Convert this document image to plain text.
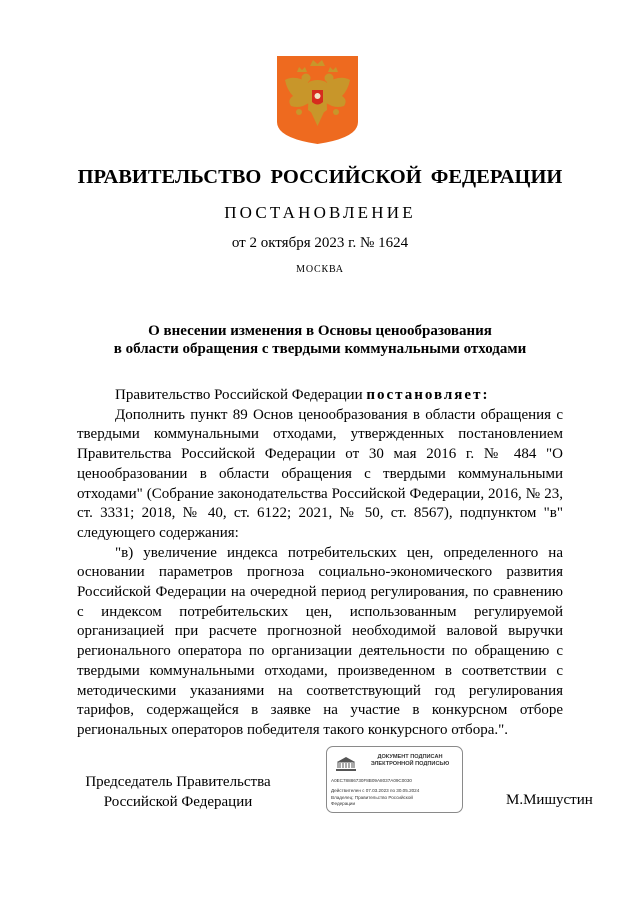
ПРАВИТЕЛЬСТВО РОССИЙСКОЙ ФЕДЕРАЦИИ
ПОСТАНОВЛЕНИЕ
от 2 октября 2023 г. № 1624
МОСКВА
О внесении изменения в Основы ценообразования
в области обращения с твердыми коммунальными отходами

Правительство Российской Федерации постановляет:

Дополнить пункт 89 Основ ценообразования в области обращения с твердыми коммунальными отходами, утвержденных постановлением Правительства Российской Федерации от 30 мая 2016 г. № 484 "О ценообразовании в области обращения с твердыми коммунальными отходами" (Собрание законодательства Российской Федерации, 2016, № 23, ст. 3331; 2018, № 40, ст. 6122; 2021, № 50, ст. 8567), подпунктом "в" следующего содержания:

"в) увеличение индекса потребительских цен, определенного на основании параметров прогноза социально-экономического развития Российской Федерации на очередной период регулирования, по сравнению с индексом потребительских цен, использованным регулируемой организацией при расчете прогнозной необходимой валовой выручки регионального оператора по организации деятельности по обращению с твердыми коммунальными отходами, произведенном в соответствии с методическими указаниями на соответствующий год регулирования тарифов, содержащейся в заявке на участие в конкурсном отборе региональных операторов победителя такого конкурсного отбора.".

Председатель Правительства
Российской Федерации
ДОКУМЕНТ ПОДПИСАН
ЭЛЕКТРОННОЙ ПОДПИСЬЮ
A0EC78886730F8B09A8037A09C0030
Действителен с 07.03.2023 по 30.05.2024
Владелец: Правительство Российской
Федерации	М.Мишустин
